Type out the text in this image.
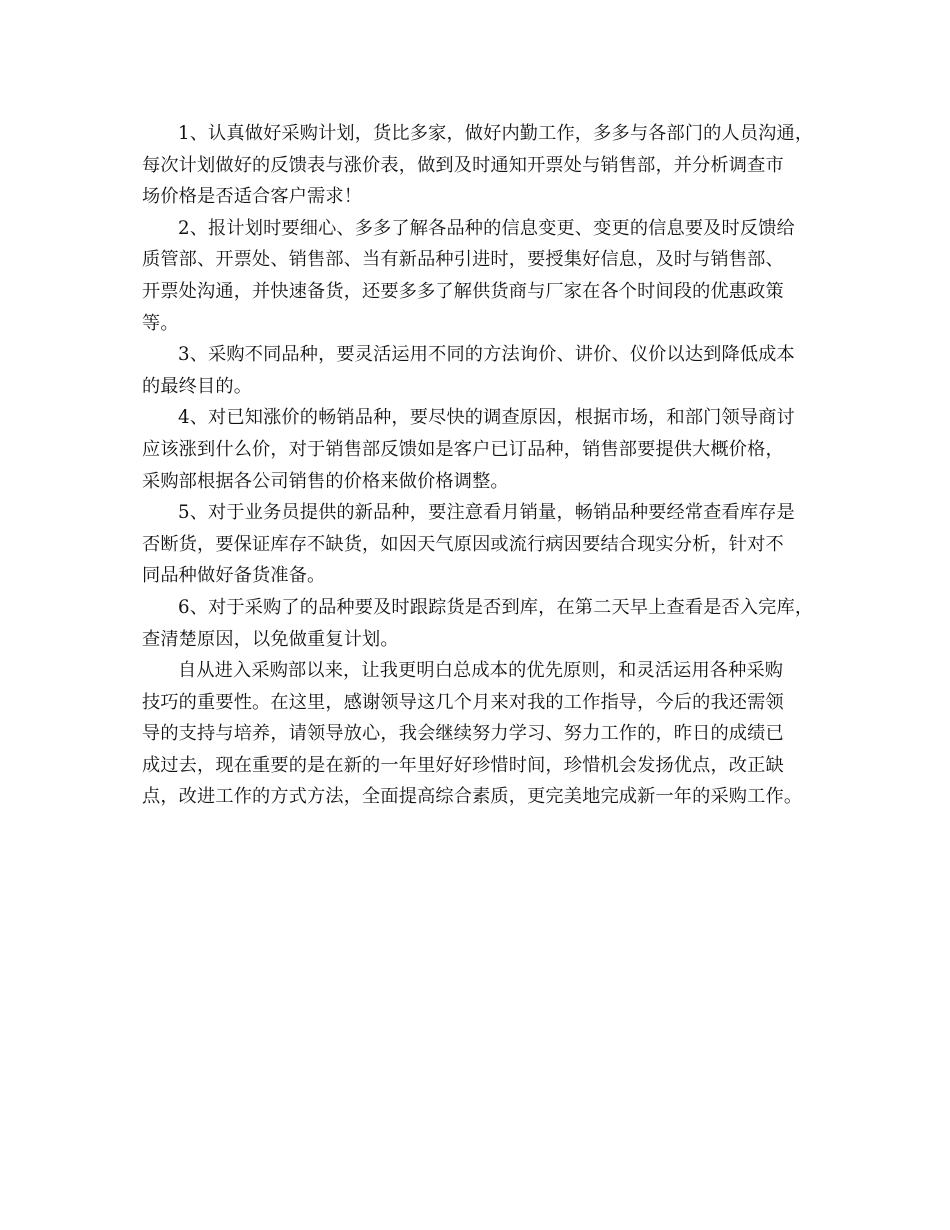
1、认真做好采购计划，货比多家，做好内勤工作，多多与各部门的人员沟通，
每次计划做好的反馈表与涨价表，做到及时通知开票处与销售部，并分析调查市
场价格是否适合客户需求！
2、报计划时要细心、多多了解各品种的信息变更、变更的信息要及时反馈给
质管部、开票处、销售部、当有新品种引进时，要授集好信息，及时与销售部、
开票处沟通，并快速备货，还要多多了解供货商与厂家在各个时间段的优惠政策
等。
3、采购不同品种，要灵活运用不同的方法询价、讲价、仪价以达到降低成本
的最终目的。
4、对已知涨价的畅销品种，要尽快的调查原因，根据市场，和部门领导商讨
应该涨到什么价，对于销售部反馈如是客户已订品种，销售部要提供大概价格，
采购部根据各公司销售的价格来做价格调整。
5、对于业务员提供的新品种，要注意看月销量，畅销品种要经常查看库存是
否断货，要保证库存不缺货，如因天气原因或流行病因要结合现实分析，针对不
同品种做好备货准备。
6、对于采购了的品种要及时跟踪货是否到库，在第二天早上查看是否入完库，
查清楚原因，以免做重复计划。
自从进入采购部以来，让我更明白总成本的优先原则，和灵活运用各种采购
技巧的重要性。在这里，感谢领导这几个月来对我的工作指导，今后的我还需领
导的支持与培养，请领导放心，我会继续努力学习、努力工作的，昨日的成绩已
成过去，现在重要的是在新的一年里好好珍惜时间，珍惜机会发扬优点，改正缺
点，改进工作的方式方法，全面提高综合素质，更完美地完成新一年的采购工作。
